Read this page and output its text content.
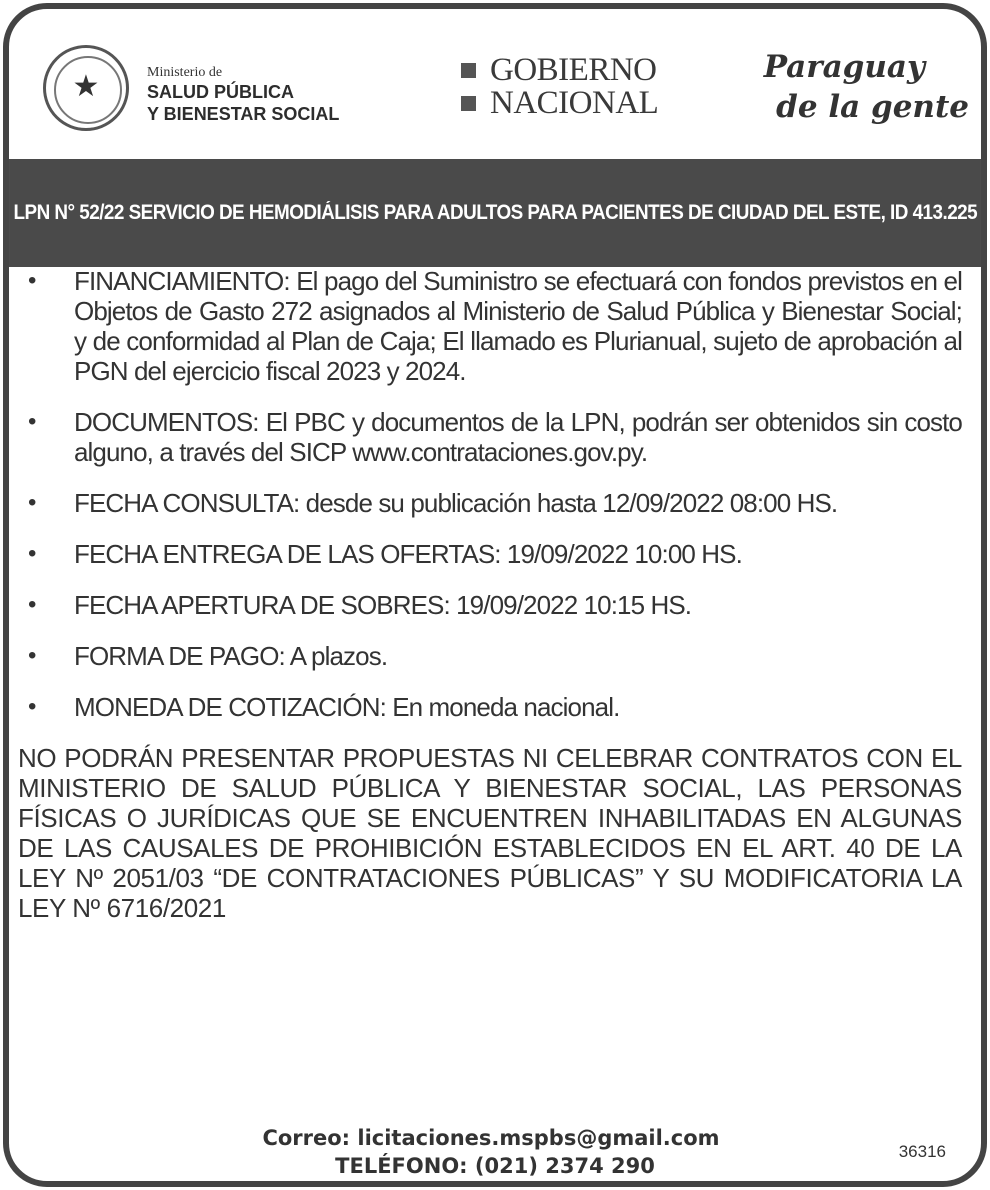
★	Ministerio de
SALUD PÚBLICA
Y BIENESTAR SOCIAL
GOBIERNO
NACIONAL
Paraguay
de la gente
LPN N° 52/22 SERVICIO DE HEMODIÁLISIS PARA ADULTOS PARA PACIENTES DE CIUDAD DEL ESTE, ID 413.225
• FINANCIAMIENTO: El pago del Suministro se efectuará con fondos previstos en el Objetos de Gasto 272 asignados al Ministerio de Salud Pública y Bienestar Social; y de conformidad al Plan de Caja; El llamado es Plurianual, sujeto de aprobación al PGN del ejercicio fiscal 2023 y 2024.
• DOCUMENTOS: El PBC y documentos de la LPN, podrán ser obtenidos sin costo alguno, a través del SICP www.contrataciones.gov.py.
• FECHA CONSULTA: desde su publicación hasta 12/09/2022 08:00 HS.
• FECHA ENTREGA DE LAS OFERTAS: 19/09/2022 10:00 HS.
• FECHA APERTURA DE SOBRES: 19/09/2022 10:15 HS.
• FORMA DE PAGO: A plazos.
• MONEDA DE COTIZACIÓN: En moneda nacional.
NO PODRÁN PRESENTAR PROPUESTAS NI CELEBRAR CONTRATOS CON EL MINISTERIO DE SALUD PÚBLICA Y BIENESTAR SOCIAL, LAS PERSONAS FÍSICAS O JURÍDICAS QUE SE ENCUENTREN INHABILITADAS EN ALGUNAS DE LAS CAUSALES DE PROHIBICIÓN ESTABLECIDOS EN EL ART. 40 DE LA LEY Nº 2051/03 “DE CONTRATACIONES PÚBLICAS” Y SU MODIFICATORIA LA LEY Nº 6716/2021
Correo: licitaciones.mspbs@gmail.com
TELÉFONO: (021) 2374 290
36316
